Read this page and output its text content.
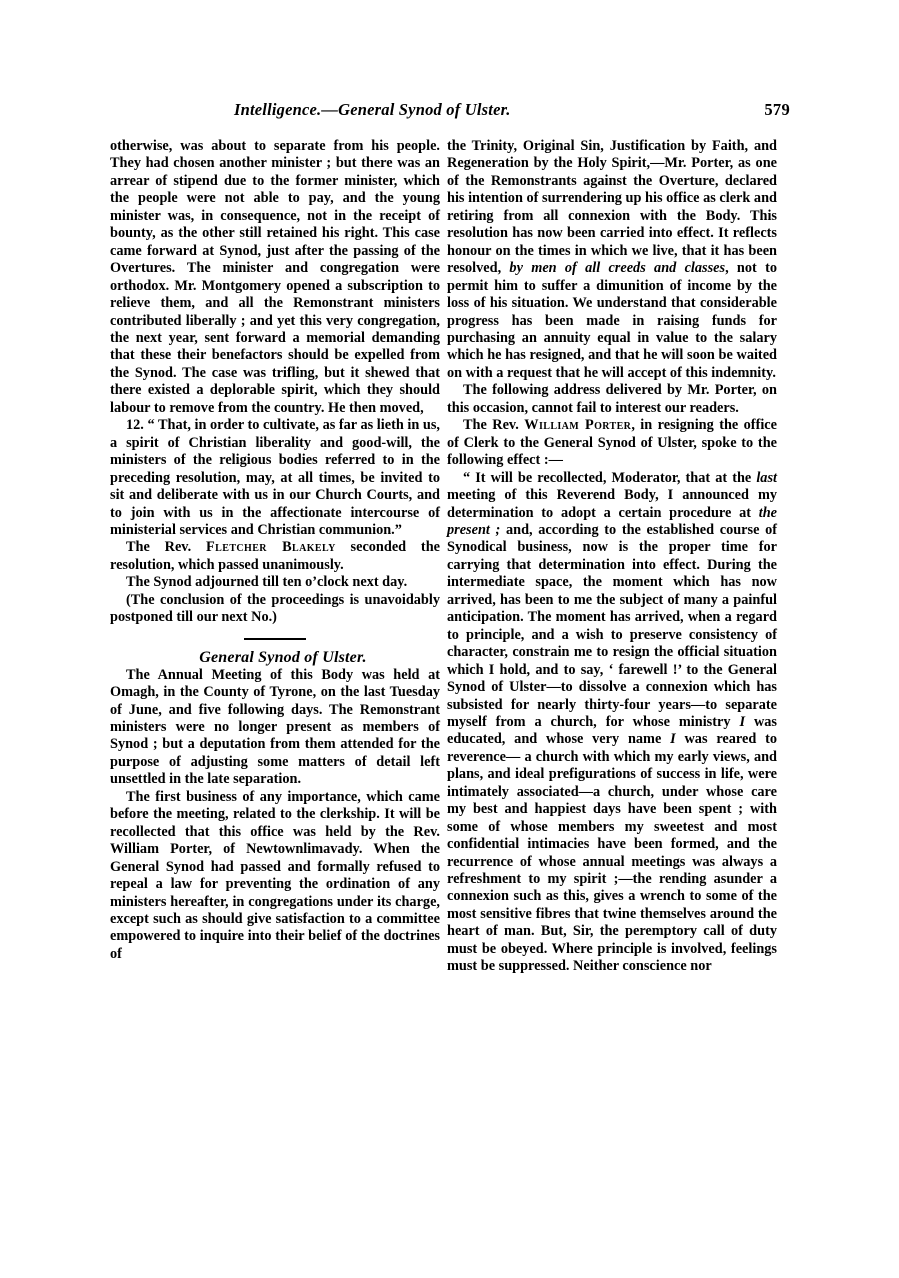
Intelligence.—General Synod of Ulster.	579

otherwise, was about to separate from his people. They had chosen another minister ; but there was an arrear of stipend due to the former minister, which the people were not able to pay, and the young minister was, in consequence, not in the receipt of bounty, as the other still retained his right. This case came forward at Synod, just after the passing of the Overtures. The minister and congregation were orthodox. Mr. Montgomery opened a subscription to relieve them, and all the Remonstrant ministers contributed liberally ; and yet this very congregation, the next year, sent forward a memorial demanding that these their benefactors should be expelled from the Synod. The case was trifling, but it shewed that there existed a deplorable spirit, which they should labour to remove from the country. He then moved,

12. “ That, in order to cultivate, as far as lieth in us, a spirit of Christian liberality and good-will, the ministers of the religious bodies referred to in the preceding resolution, may, at all times, be invited to sit and deliberate with us in our Church Courts, and to join with us in the affectionate intercourse of ministerial services and Christian communion.”

The Rev. Fletcher Blakely seconded the resolution, which passed unanimously.

The Synod adjourned till ten o’clock next day.

(The conclusion of the proceedings is unavoidably postponed till our next No.)

General Synod of Ulster.

The Annual Meeting of this Body was held at Omagh, in the County of Tyrone, on the last Tuesday of June, and five following days. The Remonstrant ministers were no longer present as members of Synod ; but a deputation from them attended for the purpose of adjusting some matters of detail left unsettled in the late separation.

The first business of any importance, which came before the meeting, related to the clerkship. It will be recollected that this office was held by the Rev. William Porter, of Newtownlimavady. When the General Synod had passed and formally refused to repeal a law for preventing the ordination of any ministers hereafter, in congregations under its charge, except such as should give satisfaction to a committee empowered to inquire into their belief of the doctrines of

the Trinity, Original Sin, Justification by Faith, and Regeneration by the Holy Spirit,—Mr. Porter, as one of the Remonstrants against the Overture, declared his intention of surrendering up his office as clerk and retiring from all connexion with the Body. This resolution has now been carried into effect. It reflects honour on the times in which we live, that it has been resolved, by men of all creeds and classes, not to permit him to suffer a dimunition of income by the loss of his situation. We understand that considerable progress has been made in raising funds for purchasing an annuity equal in value to the salary which he has resigned, and that he will soon be waited on with a request that he will accept of this indemnity.

The following address delivered by Mr. Porter, on this occasion, cannot fail to interest our readers.

The Rev. William Porter, in resigning the office of Clerk to the General Synod of Ulster, spoke to the following effect :—

“ It will be recollected, Moderator, that at the last meeting of this Reverend Body, I announced my determination to adopt a certain procedure at the present ; and, according to the established course of Synodical business, now is the proper time for carrying that determination into effect. During the intermediate space, the moment which has now arrived, has been to me the subject of many a painful anticipation. The moment has arrived, when a regard to principle, and a wish to preserve consistency of character, constrain me to resign the official situation which I hold, and to say, ‘ farewell !’ to the General Synod of Ulster—to dissolve a connexion which has subsisted for nearly thirty-four years—to separate myself from a church, for whose ministry I was educated, and whose very name I was reared to reverence— a church with which my early views, and plans, and ideal prefigurations of success in life, were intimately associated—a church, under whose care my best and happiest days have been spent ; with some of whose members my sweetest and most confidential intimacies have been formed, and the recurrence of whose annual meetings was always a refreshment to my spirit ;—the rending asunder a connexion such as this, gives a wrench to some of the most sensitive fibres that twine themselves around the heart of man. But, Sir, the peremptory call of duty must be obeyed. Where principle is involved, feelings must be suppressed. Neither conscience nor
